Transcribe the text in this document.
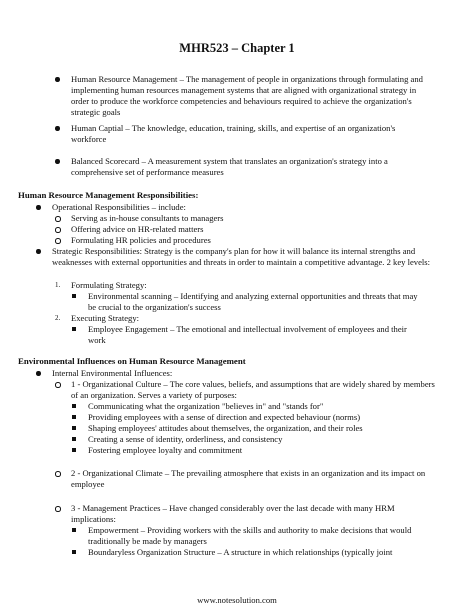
MHR523 – Chapter 1
Human Resource Management – The management of people in organizations through formulating and implementing human resources management systems that are aligned with organizational strategy in order to produce the workforce competencies and behaviours required to achieve the organization's strategic goals
Human Captial – The knowledge, education, training, skills, and expertise of an organization's workforce
Balanced Scorecard – A measurement system that translates an organization's strategy into a comprehensive set of performance measures
Human Resource Management Responsibilities:
Operational Responsibilities – include:
Serving as in-house consultants to managers
Offering advice on HR-related matters
Formulating HR policies and procedures
Strategic Responsibilities: Strategy is the company's plan for how it will balance its internal strengths and weaknesses with external opportunities and threats in order to maintain a competitive advantage. 2 key levels:
1.	Formulating Strategy:
Environmental scanning – Identifying and analyzing external opportunities and threats that may be crucial to the organization's success
2.	Executing Strategy:
Employee Engagement – The emotional and intellectual involvement of employees and their work
Environmental Influences on Human Resource Management
Internal Environmental Influences:
1 - Organizational Culture – The core values, beliefs, and assumptions that are widely shared by members of an organization. Serves a variety of purposes:
Communicating what the organization "believes in" and "stands for"
Providing employees with a sense of direction and expected behaviour (norms)
Shaping employees' attitudes about themselves, the organization, and their roles
Creating a sense of identity, orderliness, and consistency
Fostering employee loyalty and commitment
2 - Organizational Climate – The prevailing atmosphere that exists in an organization and its impact on employee
3 - Management Practices – Have changed considerably over the last decade with many HRM implications:
Empowerment – Providing workers with the skills and authority to make decisions that would traditionally be made by managers
Boundaryless Organization Structure – A structure in which relationships (typically joint
www.notesolution.com
